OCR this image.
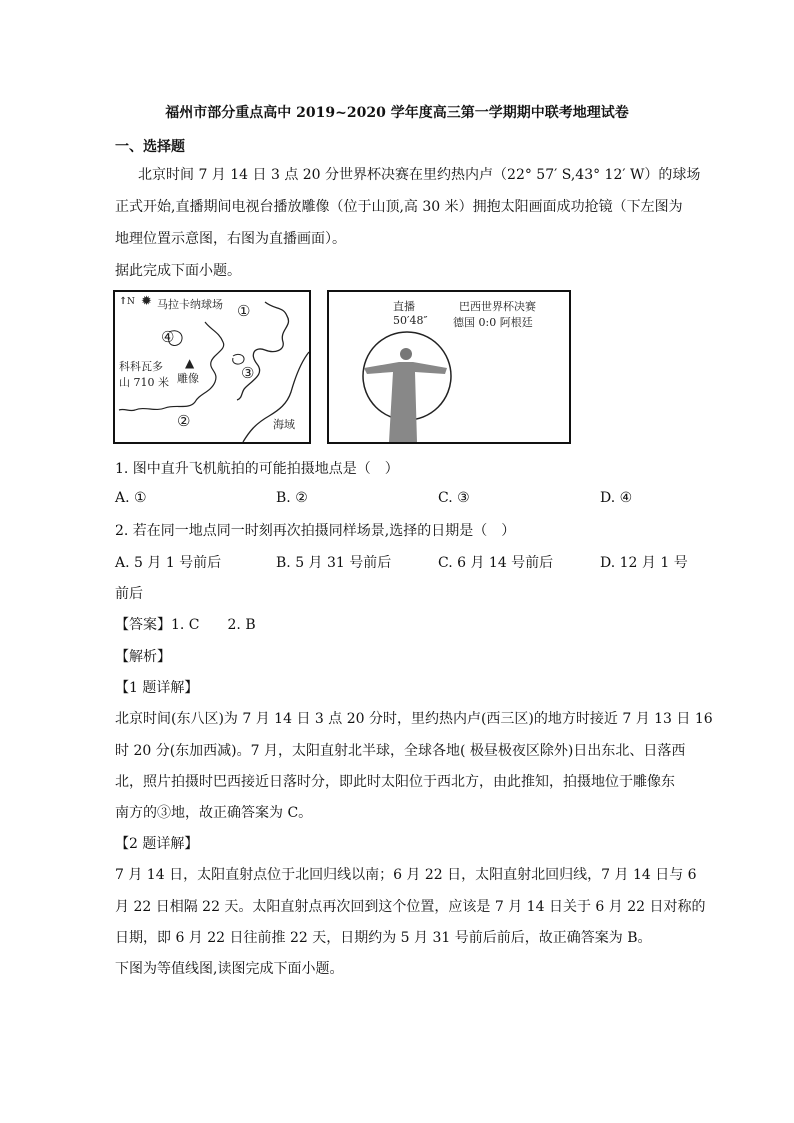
福州市部分重点高中 2019~2020 学年度高三第一学期期中联考地理试卷
一、选择题
北京时间 7 月 14 日 3 点 20 分世界杯决赛在里约热内卢（22° 57′ S,43° 12′ W）的球场
正式开始,直播期间电视台播放雕像（位于山顶,高 30 米）拥抱太阳画面成功抢镜（下左图为
地理位置示意图，右图为直播画面）。
据此完成下面小题。
↑ N ✹ 马拉卡纳球场 ①
④
科科瓦多
山 710 米
▲
雕像	③
②	海域
直播
50′48″
巴西世界杯决赛
德国 0:0 阿根廷
1. 图中直升飞机航拍的可能拍摄地点是（　）
A. ①	B. ②	C. ③	D. ④
2. 若在同一地点同一时刻再次拍摄同样场景,选择的日期是（　）
A. 5 月 1 号前后	B. 5 月 31 号前后	C. 6 月 14 号前后	D. 12 月 1 号
前后
【答案】1. C　　2. B
【解析】
【1 题详解】
北京时间(东八区)为 7 月 14 日 3 点 20 分时，里约热内卢(西三区)的地方时接近 7 月 13 日 16
时 20 分(东加西减)。7 月，太阳直射北半球，全球各地( 极昼极夜区除外)日出东北、日落西
北，照片拍摄时巴西接近日落时分，即此时太阳位于西北方，由此推知，拍摄地位于雕像东
南方的③地，故正确答案为 C。
【2 题详解】
7 月 14 日，太阳直射点位于北回归线以南；6 月 22 日，太阳直射北回归线，7 月 14 日与 6
月 22 日相隔 22 天。太阳直射点再次回到这个位置，应该是 7 月 14 日关于 6 月 22 日对称的
日期，即 6 月 22 日往前推 22 天，日期约为 5 月 31 号前后前后，故正确答案为 B。
下图为等值线图,读图完成下面小题。
